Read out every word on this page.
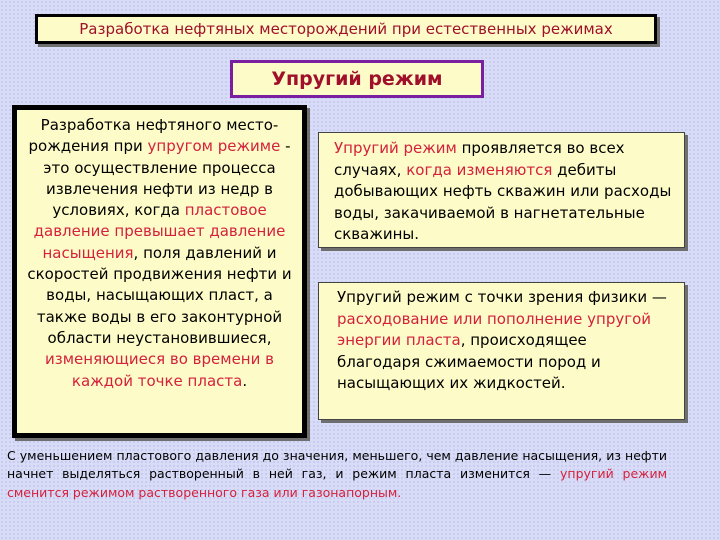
Разработка нефтяных месторождений при естественных режимах
Упругий режим
Разработка нефтяного место-рождения при упругом режиме - это осуществление процесса извлечения нефти из недр в условиях, когда пластовое давление превышает давление насыщения, поля давлений и скоростей продвижения нефти и воды, насыщающих пласт, а также воды в его законтурной области неустановившиеся, изменяющиеся во времени в каждой точке пласта.
Упругий режим проявляется во всех случаях, когда изменяются дебиты добывающих нефть скважин или расходы воды, закачиваемой в нагнетательные скважины.
Упругий режим с точки зрения физики — расходование или пополнение упругой энергии пласта, происходящее благодаря сжимаемости пород и насыщающих их жидкостей.
С уменьшением пластового давления до значения, меньшего, чем давление насыщения, из нефти начнет выделяться растворенный в ней газ, и режим пласта изменится — упругий режим сменится режимом растворенного газа или газонапорным.
